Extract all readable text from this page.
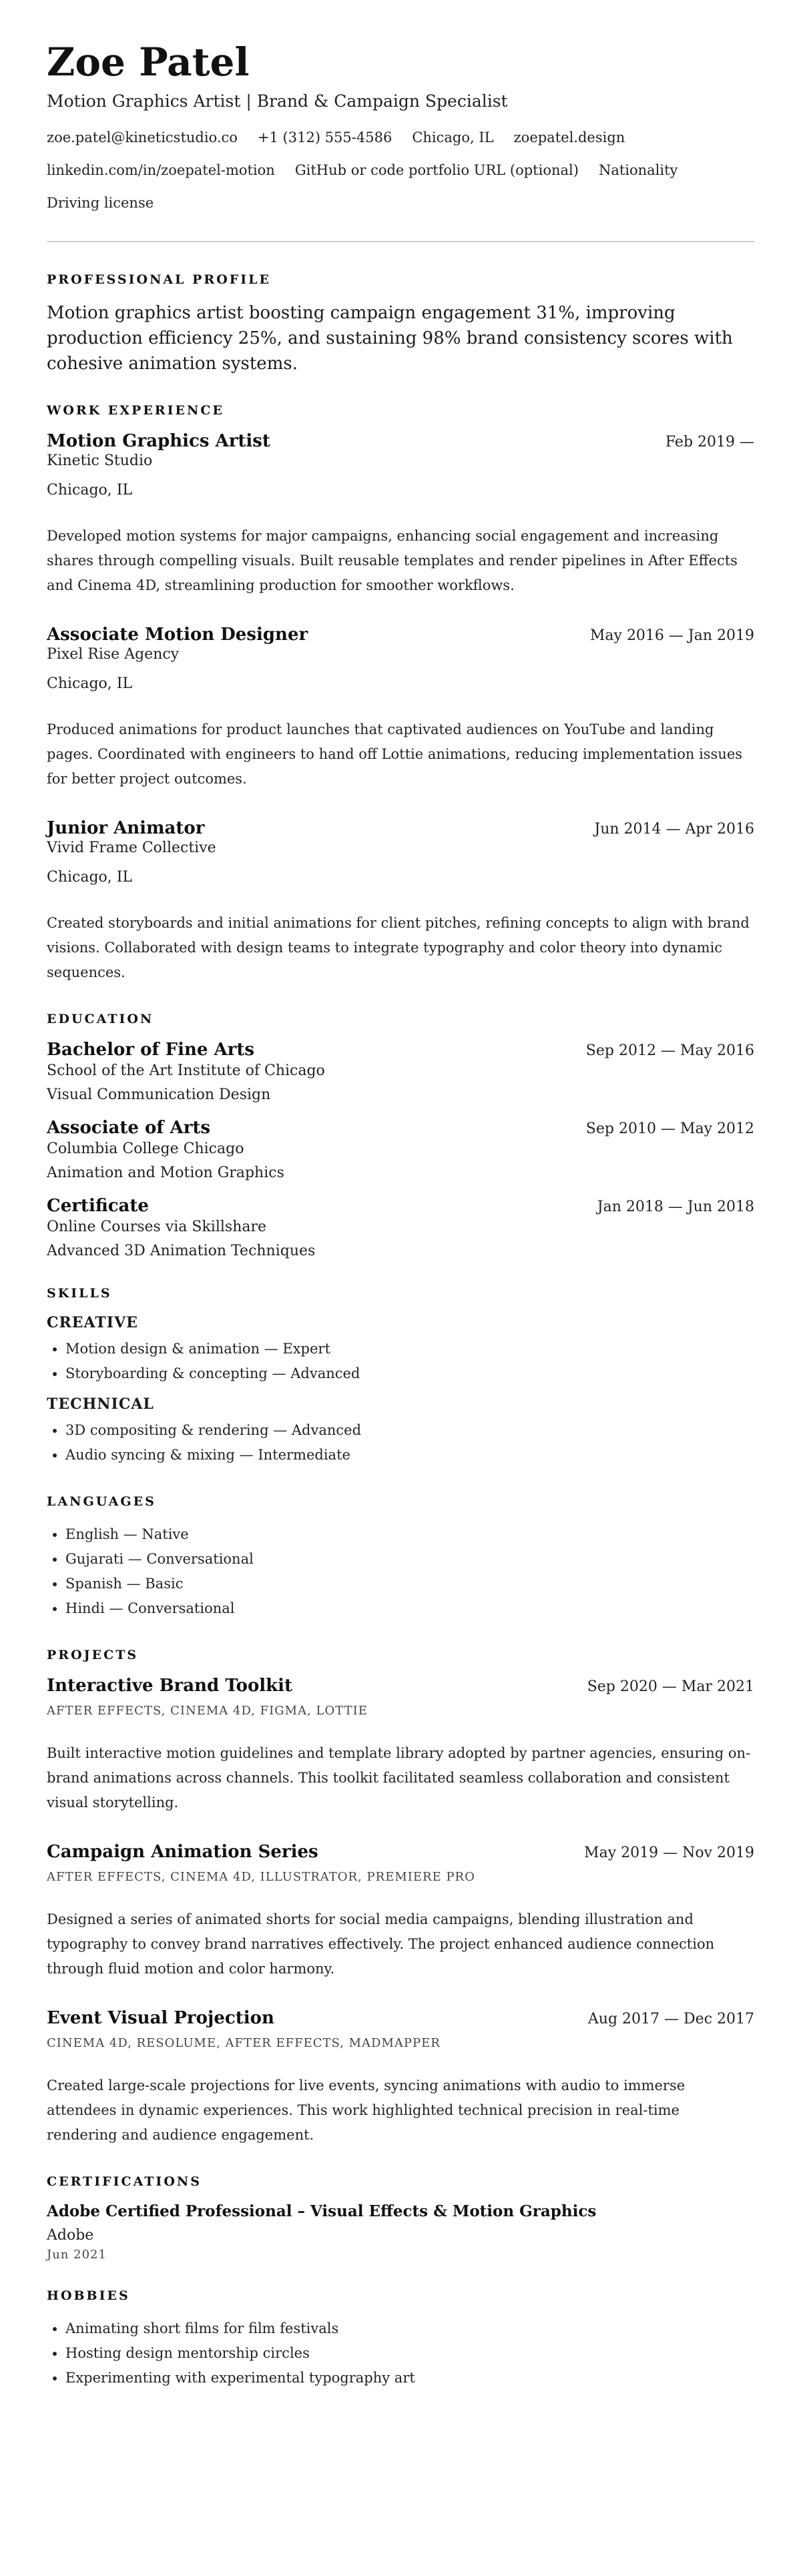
Zoe Patel
Motion Graphics Artist | Brand & Campaign Specialist
zoe.patel@kineticstudio.co +1 (312) 555-4586 Chicago, IL zoepatel.design
linkedin.com/in/zoepatel-motion GitHub or code portfolio URL (optional) Nationality
Driving license
PROFESSIONAL PROFILE

Motion graphics artist boosting campaign engagement 31%, improving production efficiency 25%, and sustaining 98% brand consistency scores with cohesive animation systems.

WORK EXPERIENCE
Motion Graphics Artist	Feb 2019 —
Kinetic Studio
Chicago, IL

Developed motion systems for major campaigns, enhancing social engagement and increasing shares through compelling visuals. Built reusable templates and render pipelines in After Effects and Cinema 4D, streamlining production for smoother workflows.

Associate Motion Designer	May 2016 — Jan 2019
Pixel Rise Agency
Chicago, IL

Produced animations for product launches that captivated audiences on YouTube and landing pages. Coordinated with engineers to hand off Lottie animations, reducing implementation issues for better project outcomes.

Junior Animator	Jun 2014 — Apr 2016
Vivid Frame Collective
Chicago, IL

Created storyboards and initial animations for client pitches, refining concepts to align with brand visions. Collaborated with design teams to integrate typography and color theory into dynamic sequences.

EDUCATION
Bachelor of Fine Arts	Sep 2012 — May 2016
School of the Art Institute of Chicago
Visual Communication Design
Associate of Arts	Sep 2010 — May 2012
Columbia College Chicago
Animation and Motion Graphics
Certificate	Jan 2018 — Jun 2018
Online Courses via Skillshare
Advanced 3D Animation Techniques
SKILLS
CREATIVE
• Motion design & animation — Expert
• Storyboarding & concepting — Advanced
TECHNICAL
• 3D compositing & rendering — Advanced
• Audio syncing & mixing — Intermediate
LANGUAGES
• English — Native
• Gujarati — Conversational
• Spanish — Basic
• Hindi — Conversational
PROJECTS
Interactive Brand Toolkit	Sep 2020 — Mar 2021
AFTER EFFECTS, CINEMA 4D, FIGMA, LOTTIE

Built interactive motion guidelines and template library adopted by partner agencies, ensuring on-brand animations across channels. This toolkit facilitated seamless collaboration and consistent visual storytelling.

Campaign Animation Series	May 2019 — Nov 2019
AFTER EFFECTS, CINEMA 4D, ILLUSTRATOR, PREMIERE PRO

Designed a series of animated shorts for social media campaigns, blending illustration and typography to convey brand narratives effectively. The project enhanced audience connection through fluid motion and color harmony.

Event Visual Projection	Aug 2017 — Dec 2017
CINEMA 4D, RESOLUME, AFTER EFFECTS, MADMAPPER

Created large-scale projections for live events, syncing animations with audio to immerse attendees in dynamic experiences. This work highlighted technical precision in real-time rendering and audience engagement.

CERTIFICATIONS
Adobe Certified Professional – Visual Effects & Motion Graphics
Adobe
Jun 2021
HOBBIES
• Animating short films for film festivals
• Hosting design mentorship circles
• Experimenting with experimental typography art
